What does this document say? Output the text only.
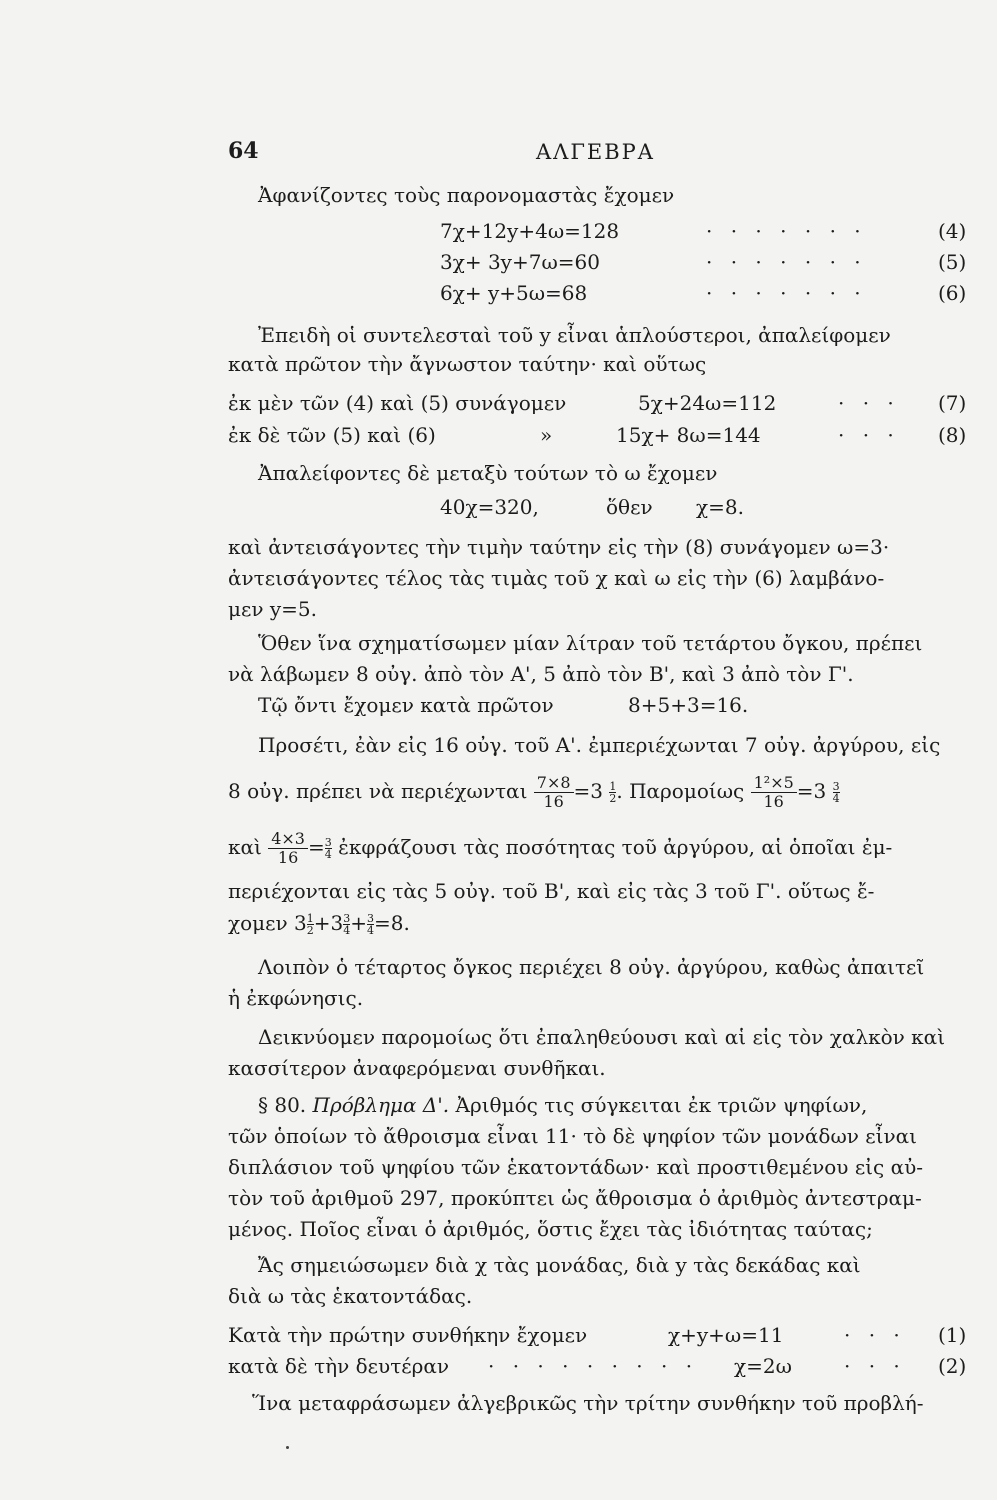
64	ΑΛΓΕΒΡΑ
Ἀφανίζοντες τοὺς παρονομαστὰς ἔχομεν
7χ+12y+4ω=128	· · · · · · ·	(4)
3χ+ 3y+7ω=60	· · · · · · ·	(5)
6χ+ y+5ω=68	· · · · · · ·	(6)
Ἐπειδὴ οἱ συντελεσταὶ τοῦ y εἶναι ἁπλούστεροι, ἀπαλείφομεν
κατὰ πρῶτον τὴν ἄγνωστον ταύτην· καὶ οὕτως
ἐκ μὲν τῶν (4) καὶ (5) συνάγομεν	5χ+24ω=112	· · · (7)
ἐκ δὲ τῶν (5) καὶ (6)	»	15χ+ 8ω=144	· · · (8)
Ἀπαλείφοντες δὲ μεταξὺ τούτων τὸ ω ἔχομεν
40χ=320,	ὅθεν χ=8.
καὶ ἀντεισάγοντες τὴν τιμὴν ταύτην εἰς τὴν (8) συνάγομεν ω=3·
ἀντεισάγοντες τέλος τὰς τιμὰς τοῦ χ καὶ ω εἰς τὴν (6) λαμβάνο-
μεν y=5.
Ὅθεν ἵνα σχηματίσωμεν μίαν λίτραν τοῦ τετάρτου ὄγκου, πρέπει
νὰ λάβωμεν 8 οὐγ. ἀπὸ τὸν Α', 5 ἀπὸ τὸν Β', καὶ 3 ἀπὸ τὸν Γ'.
Τῷ ὄντι ἔχομεν κατὰ πρῶτον	8+5+3=16.
Προσέτι, ἐὰν εἰς 16 οὐγ. τοῦ Α'. ἐμπεριέχωνται 7 οὐγ. ἀργύρου, εἰς
8 οὐγ. πρέπει νὰ περιέχωνται $\frac{7\times 8}{16} =3 \frac{1}{2}$ . Παρομοίως $\frac{\text{1²×5}}{16} =3 \frac{3}{4}$
καὶ $\frac{4\times 3}{16} = \frac{3}{4}$ ἐκφράζουσι τὰς ποσότητας τοῦ ἀργύρου, αἱ ὁποῖαι ἐμ-
περιέχονται εἰς τὰς 5 οὐγ. τοῦ Β', καὶ εἰς τὰς 3 τοῦ Γ'. οὕτως ἔ-
χομεν $3 \frac{1}{2} +3 \frac{3}{4} + \frac{3}{4} =8$.
Λοιπὸν ὁ τέταρτος ὄγκος περιέχει 8 οὐγ. ἀργύρου, καθὼς ἀπαιτεῖ
ἡ ἐκφώνησις.
Δεικνύομεν παρομοίως ὅτι ἐπαληθεύουσι καὶ αἱ εἰς τὸν χαλκὸν καὶ
κασσίτερον ἀναφερόμεναι συνθῆκαι.
§ 80. Πρόβλημα Δ'. Ἀριθμός τις σύγκειται ἐκ τριῶν ψηφίων,
τῶν ὁποίων τὸ ἄθροισμα εἶναι 11· τὸ δὲ ψηφίον τῶν μονάδων εἶναι
διπλάσιον τοῦ ψηφίου τῶν ἑκατοντάδων· καὶ προστιθεμένου εἰς αὐ-
τὸν τοῦ ἀριθμοῦ 297, προκύπτει ὡς ἄθροισμα ὁ ἀριθμὸς ἀντεστραμ-
μένος. Ποῖος εἶναι ὁ ἀριθμός, ὅστις ἔχει τὰς ἰδιότητας ταύτας;
Ἄς σημειώσωμεν διὰ χ τὰς μονάδας, διὰ y τὰς δεκάδας καὶ
διὰ ω τὰς ἑκατοντάδας.
Κατὰ τὴν πρώτην συνθήκην ἔχομεν	χ+y+ω=11	· · · (1)
κατὰ δὲ τὴν δευτέραν · · · · · · · · · χ=2ω	· · · (2)
Ἵνα μεταφράσωμεν ἀλγεβρικῶς τὴν τρίτην συνθήκην τοῦ προβλή-
